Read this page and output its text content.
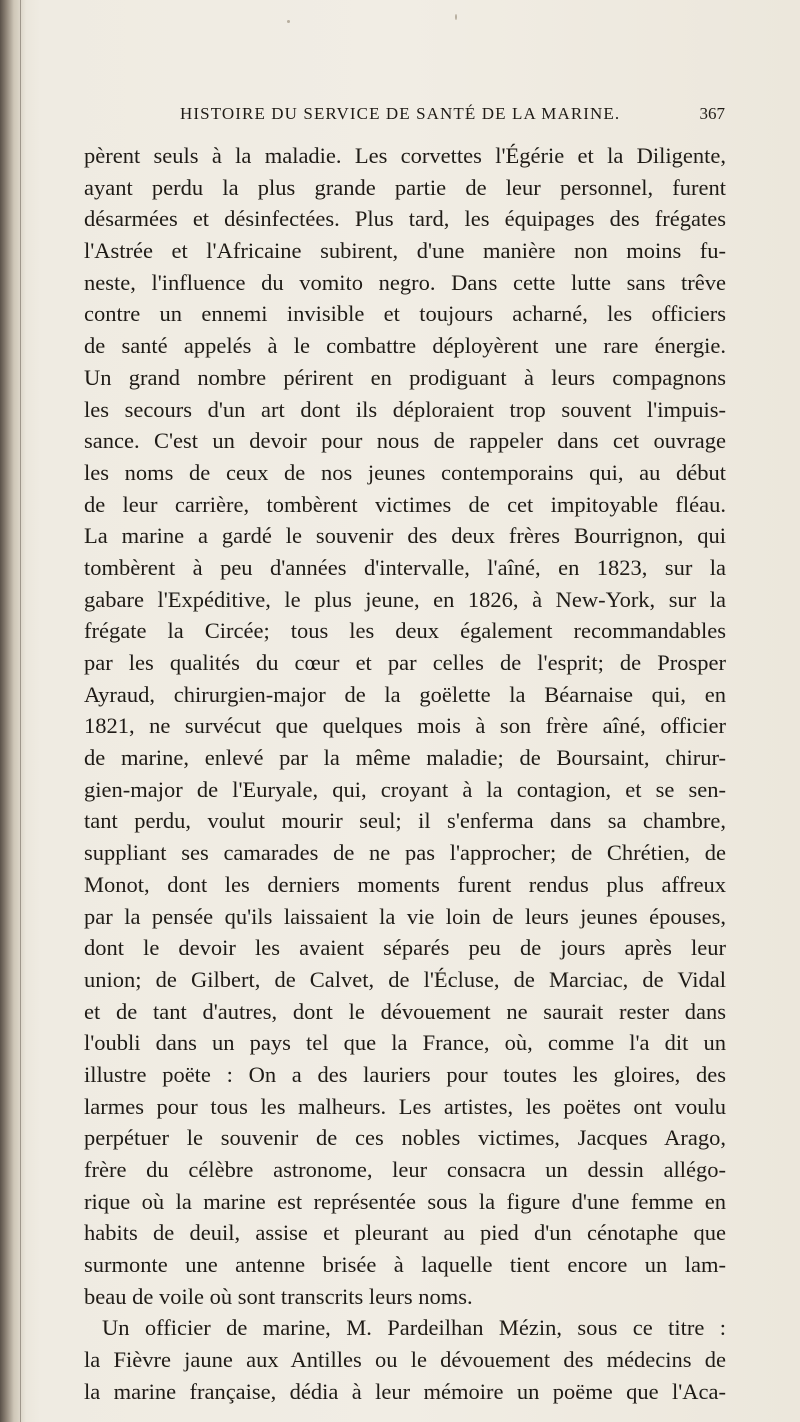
HISTOIRE DU SERVICE DE SANTÉ DE LA MARINE.	367
pèrent seuls à la maladie. Les corvettes l'Égérie et la Diligente,
ayant perdu la plus grande partie de leur personnel, furent
désarmées et désinfectées. Plus tard, les équipages des frégates
l'Astrée et l'Africaine subirent, d'une manière non moins fu-
neste, l'influence du vomito negro. Dans cette lutte sans trêve
contre un ennemi invisible et toujours acharné, les officiers
de santé appelés à le combattre déployèrent une rare énergie.
Un grand nombre périrent en prodiguant à leurs compagnons
les secours d'un art dont ils déploraient trop souvent l'impuis-
sance. C'est un devoir pour nous de rappeler dans cet ouvrage
les noms de ceux de nos jeunes contemporains qui, au début
de leur carrière, tombèrent victimes de cet impitoyable fléau.
La marine a gardé le souvenir des deux frères Bourrignon, qui
tombèrent à peu d'années d'intervalle, l'aîné, en 1823, sur la
gabare l'Expéditive, le plus jeune, en 1826, à New-York, sur la
frégate la Circée; tous les deux également recommandables
par les qualités du cœur et par celles de l'esprit; de Prosper
Ayraud, chirurgien-major de la goëlette la Béarnaise qui, en
1821, ne survécut que quelques mois à son frère aîné, officier
de marine, enlevé par la même maladie; de Boursaint, chirur-
gien-major de l'Euryale, qui, croyant à la contagion, et se sen-
tant perdu, voulut mourir seul; il s'enferma dans sa chambre,
suppliant ses camarades de ne pas l'approcher; de Chrétien, de
Monot, dont les derniers moments furent rendus plus affreux
par la pensée qu'ils laissaient la vie loin de leurs jeunes épouses,
dont le devoir les avaient séparés peu de jours après leur
union; de Gilbert, de Calvet, de l'Écluse, de Marciac, de Vidal
et de tant d'autres, dont le dévouement ne saurait rester dans
l'oubli dans un pays tel que la France, où, comme l'a dit un
illustre poëte : On a des lauriers pour toutes les gloires, des
larmes pour tous les malheurs. Les artistes, les poëtes ont voulu
perpétuer le souvenir de ces nobles victimes, Jacques Arago,
frère du célèbre astronome, leur consacra un dessin allégo-
rique où la marine est représentée sous la figure d'une femme en
habits de deuil, assise et pleurant au pied d'un cénotaphe que
surmonte une antenne brisée à laquelle tient encore un lam-
beau de voile où sont transcrits leurs noms.
Un officier de marine, M. Pardeilhan Mézin, sous ce titre :
la Fièvre jaune aux Antilles ou le dévouement des médecins de
la marine française, dédia à leur mémoire un poëme que l'Aca-
